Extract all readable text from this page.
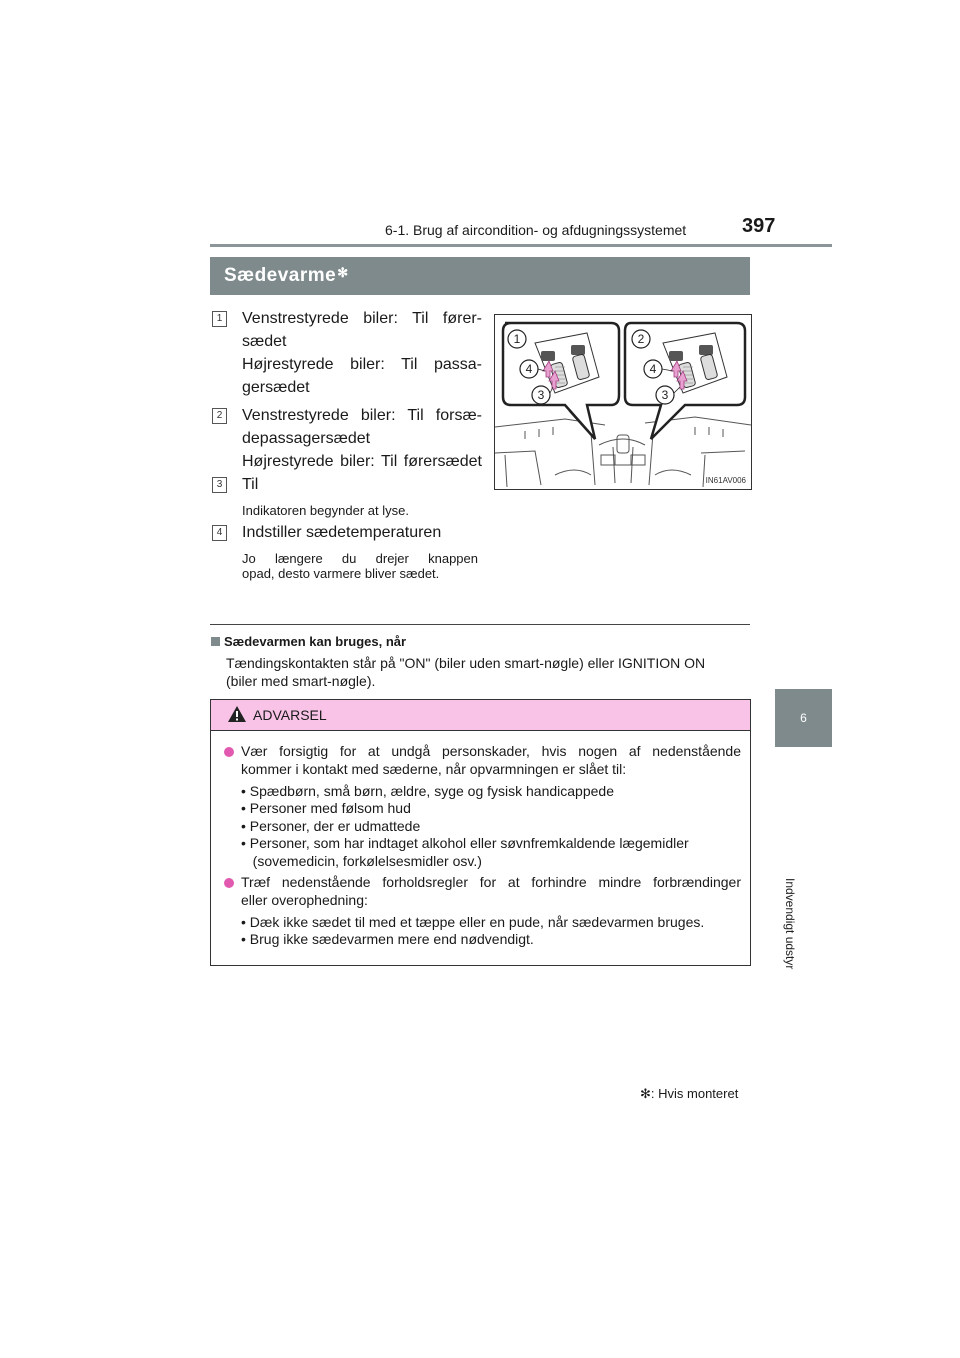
6-1. Brug af aircondition- og afdugningssystemet	397
6
Indvendigt udstyr
Sædevarme✻
1 Venstrestyrede biler: Til fører-
sædet
Højrestyrede biler: Til passa-
gersædet
2 Venstrestyrede biler: Til forsæ-
depassagersædet
Højrestyrede biler: Til førersædet
3 Til
Indikatoren begynder at lyse.
4 Indstiller sædetemperaturen
Jo længere du drejer knappen
opad, desto varmere bliver sædet.
1
4
3
2
4
3
IN61AV006
Sædevarmen kan bruges, når
Tændingskontakten står på "ON" (biler uden smart-nøgle) eller IGNITION ON
(biler med smart-nøgle).
ADVARSEL
Vær forsigtig for at undgå personskader, hvis nogen af nedenstående
kommer i kontakt med sæderne, når opvarmningen er slået til:
• Spædbørn, små børn, ældre, syge og fysisk handicappede
• Personer med følsom hud
• Personer, der er udmattede
• Personer, som har indtaget alkohol eller søvnfremkaldende lægemidler
(sovemedicin, forkølelsesmidler osv.)
Træf nedenstående forholdsregler for at forhindre mindre forbrændinger
eller overophedning:
• Dæk ikke sædet til med et tæppe eller en pude, når sædevarmen bruges.
• Brug ikke sædevarmen mere end nødvendigt.
✻: Hvis monteret
